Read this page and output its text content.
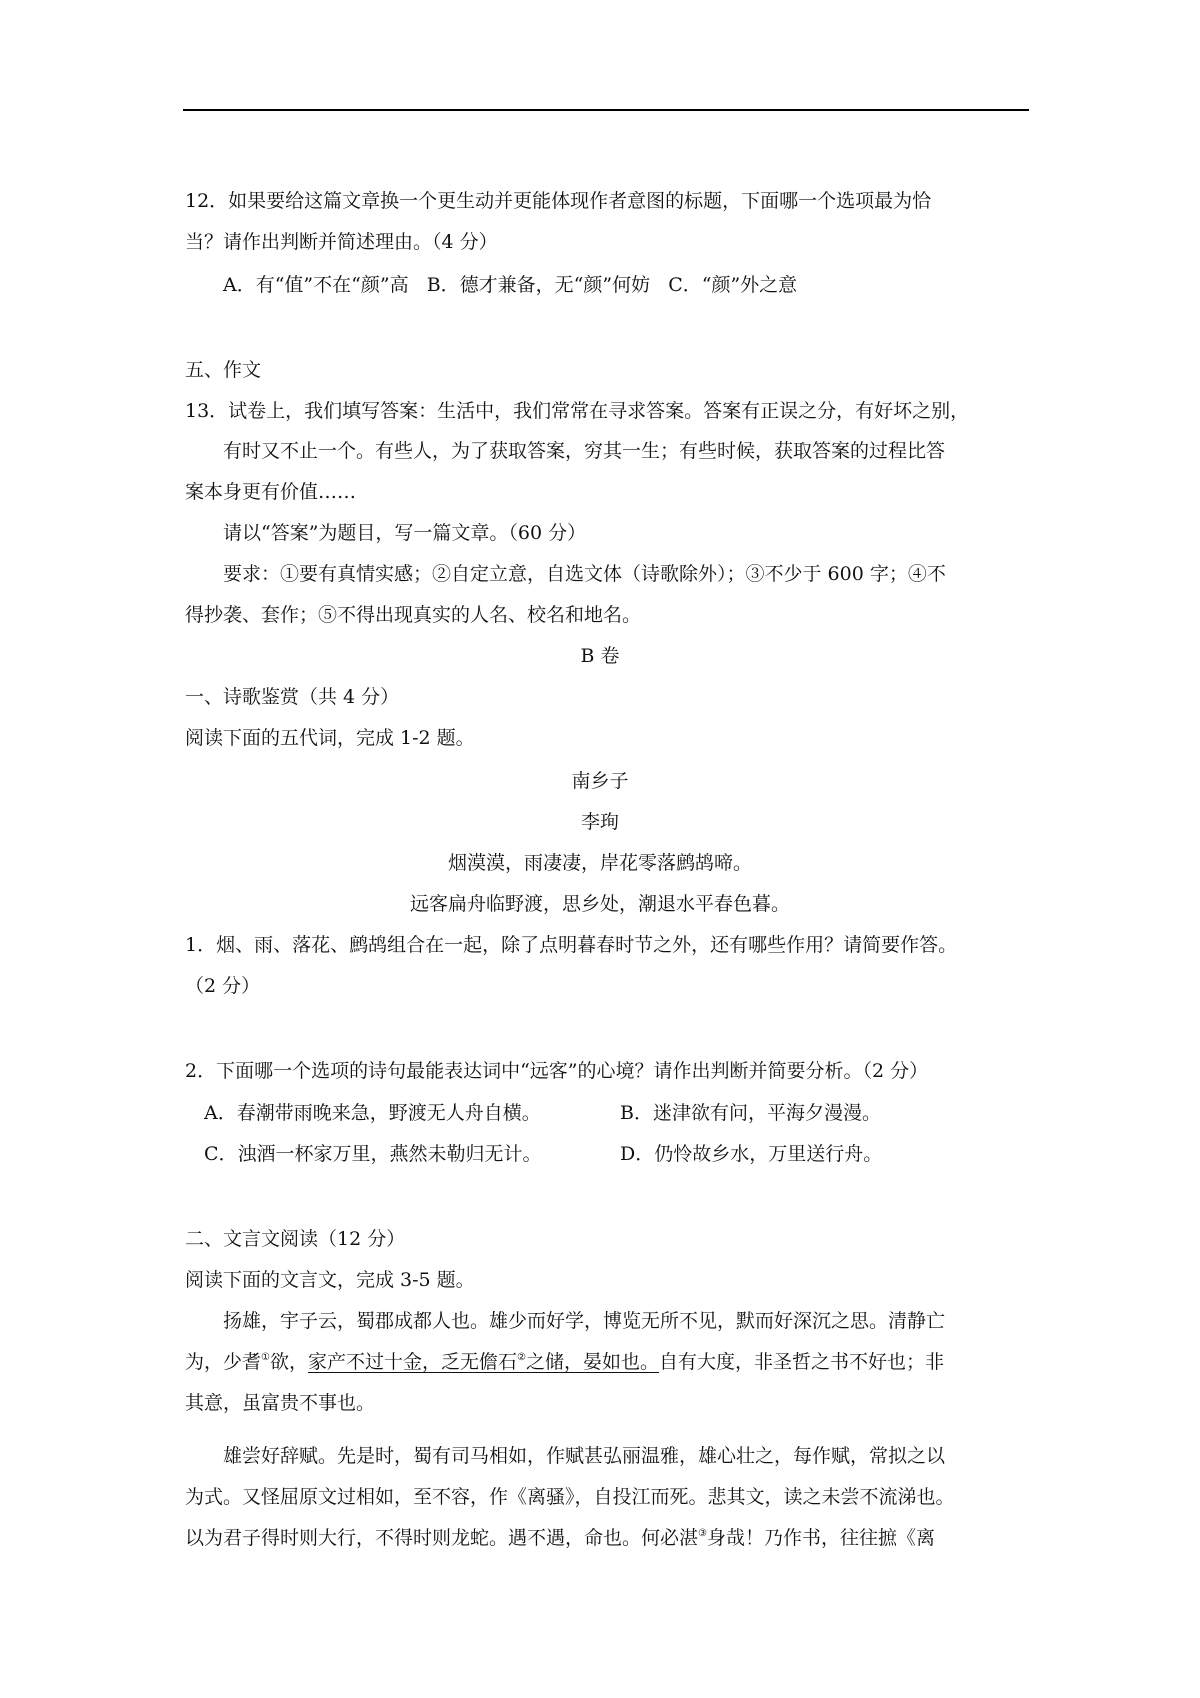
12．如果要给这篇文章换一个更生动并更能体现作者意图的标题，下面哪一个选项最为恰
当？请作出判断并简述理由。（4 分）
A．有“值”不在“颜”高   B．德才兼备，无“颜”何妨   C．“颜”外之意
五、作文
13．试卷上，我们填写答案：生活中，我们常常在寻求答案。答案有正误之分，有好坏之别，
有时又不止一个。有些人，为了获取答案，穷其一生；有些时候，获取答案的过程比答
案本身更有价值……
请以“答案”为题目，写一篇文章。（60 分）
要求：①要有真情实感；②自定立意，自选文体（诗歌除外）；③不少于 600 字；④不
得抄袭、套作；⑤不得出现真实的人名、校名和地名。
B 卷
一、诗歌鉴赏（共 4 分）
阅读下面的五代词，完成 1-2 题。
南乡子
李珣
烟漠漠，雨凄凄，岸花零落鹧鸪啼。
远客扁舟临野渡，思乡处，潮退水平春色暮。
1．烟、雨、落花、鹧鸪组合在一起，除了点明暮春时节之外，还有哪些作用？请简要作答。
（2 分）
2．下面哪一个选项的诗句最能表达词中“远客”的心境？请作出判断并简要分析。（2 分）
A．春潮带雨晚来急，野渡无人舟自横。	B．迷津欲有问，平海夕漫漫。
C．浊酒一杯家万里，燕然未勒归无计。	D．仍怜故乡水，万里送行舟。
二、文言文阅读（12 分）
阅读下面的文言文，完成 3-5 题。
扬雄，宇子云，蜀郡成都人也。雄少而好学，博览无所不见，默而好深沉之思。清静亡
为，少耆①欲，家产不过十金，乏无儋石②之储，晏如也。自有大度，非圣哲之书不好也；非
其意，虽富贵不事也。
雄尝好辞赋。先是时，蜀有司马相如，作赋甚弘丽温雅，雄心壮之，每作赋，常拟之以
为式。又怪屈原文过相如，至不容，作《离骚》，自投江而死。悲其文，读之未尝不流涕也。
以为君子得时则大行，不得时则龙蛇。遇不遇，命也。何必湛③身哉！乃作书，往往摭《离
